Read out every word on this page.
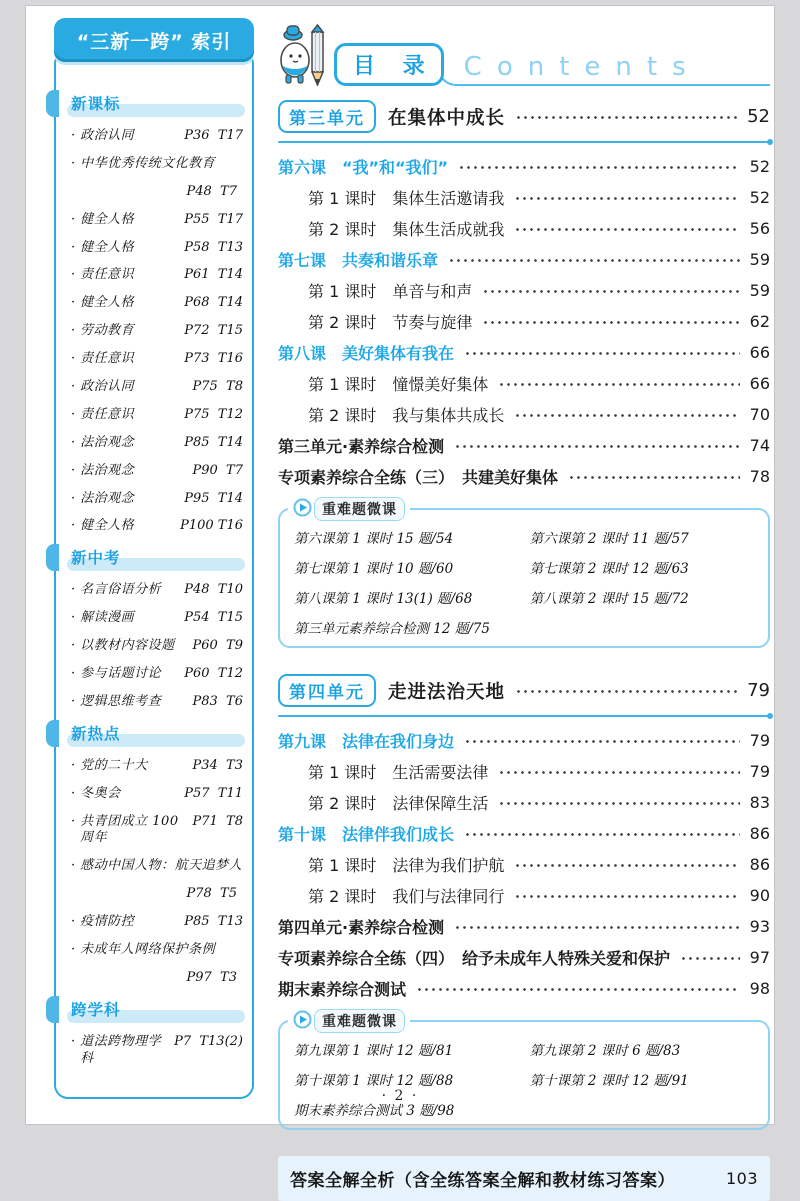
“三新一跨” 索引
新课标
· 政治认同	P36  T17
· 中华优秀传统文化教育
P48  T7
· 健全人格	P55  T17
· 健全人格	P58  T13
· 责任意识	P61  T14
· 健全人格	P68  T14
· 劳动教育	P72  T15
· 责任意识	P73  T16
· 政治认同	P75  T8
· 责任意识	P75  T12
· 法治观念	P85  T14
· 法治观念	P90  T7
· 法治观念	P95  T14
· 健全人格	P100 T16
新中考
· 名言俗语分析 P48  T10
· 解读漫画	P54  T15
· 以教材内容设题 P60  T9
· 参与话题讨论 P60  T12
· 逻辑思维考查 P83  T6
新热点
· 党的二十大	P34  T3
· 冬奥会	P57  T11
· 共青团成立 100 周年
P71  T8
· 感动中国人物：航天追梦人
P78  T5
· 疫情防控	P85  T13
· 未成年人网络保护条例
P97  T3
跨学科
· 道法跨物理学科
P7  T13(2)
目 录	Contents
第三单元	在集体中成长	52
第六课　“我”和“我们”	52
第 1 课时　集体生活邀请我	52
第 2 课时　集体生活成就我	56
第七课　共奏和谐乐章	59
第 1 课时　单音与和声	59
第 2 课时　节奏与旋律	62
第八课　美好集体有我在	66
第 1 课时　憧憬美好集体	66
第 2 课时　我与集体共成长	70
第三单元·素养综合检测	74
专项素养综合全练（三）　共建美好集体	78
重难题微课
第六课第 1 课时 15 题/54	第六课第 2 课时 11 题/57
第七课第 1 课时 10 题/60	第七课第 2 课时 12 题/63
第八课第 1 课时 13(1) 题/68	第八课第 2 课时 15 题/72
第三单元素养综合检测 12 题/75
第四单元	走进法治天地	79
第九课　法律在我们身边	79
第 1 课时　生活需要法律	79
第 2 课时　法律保障生活	83
第十课　法律伴我们成长	86
第 1 课时　法律为我们护航	86
第 2 课时　我们与法律同行	90
第四单元·素养综合检测	93
专项素养综合全练（四）　给予未成年人特殊关爱和保护	97
期末素养综合测试	98
重难题微课
第九课第 1 课时 12 题/81	第九课第 2 课时 6 题/83
第十课第 1 课时 12 题/88	第十课第 2 课时 12 题/91
期末素养综合测试 3 题/98
答案全解全析（含全练答案全解和教材练习答案）	103
· 2 ·
